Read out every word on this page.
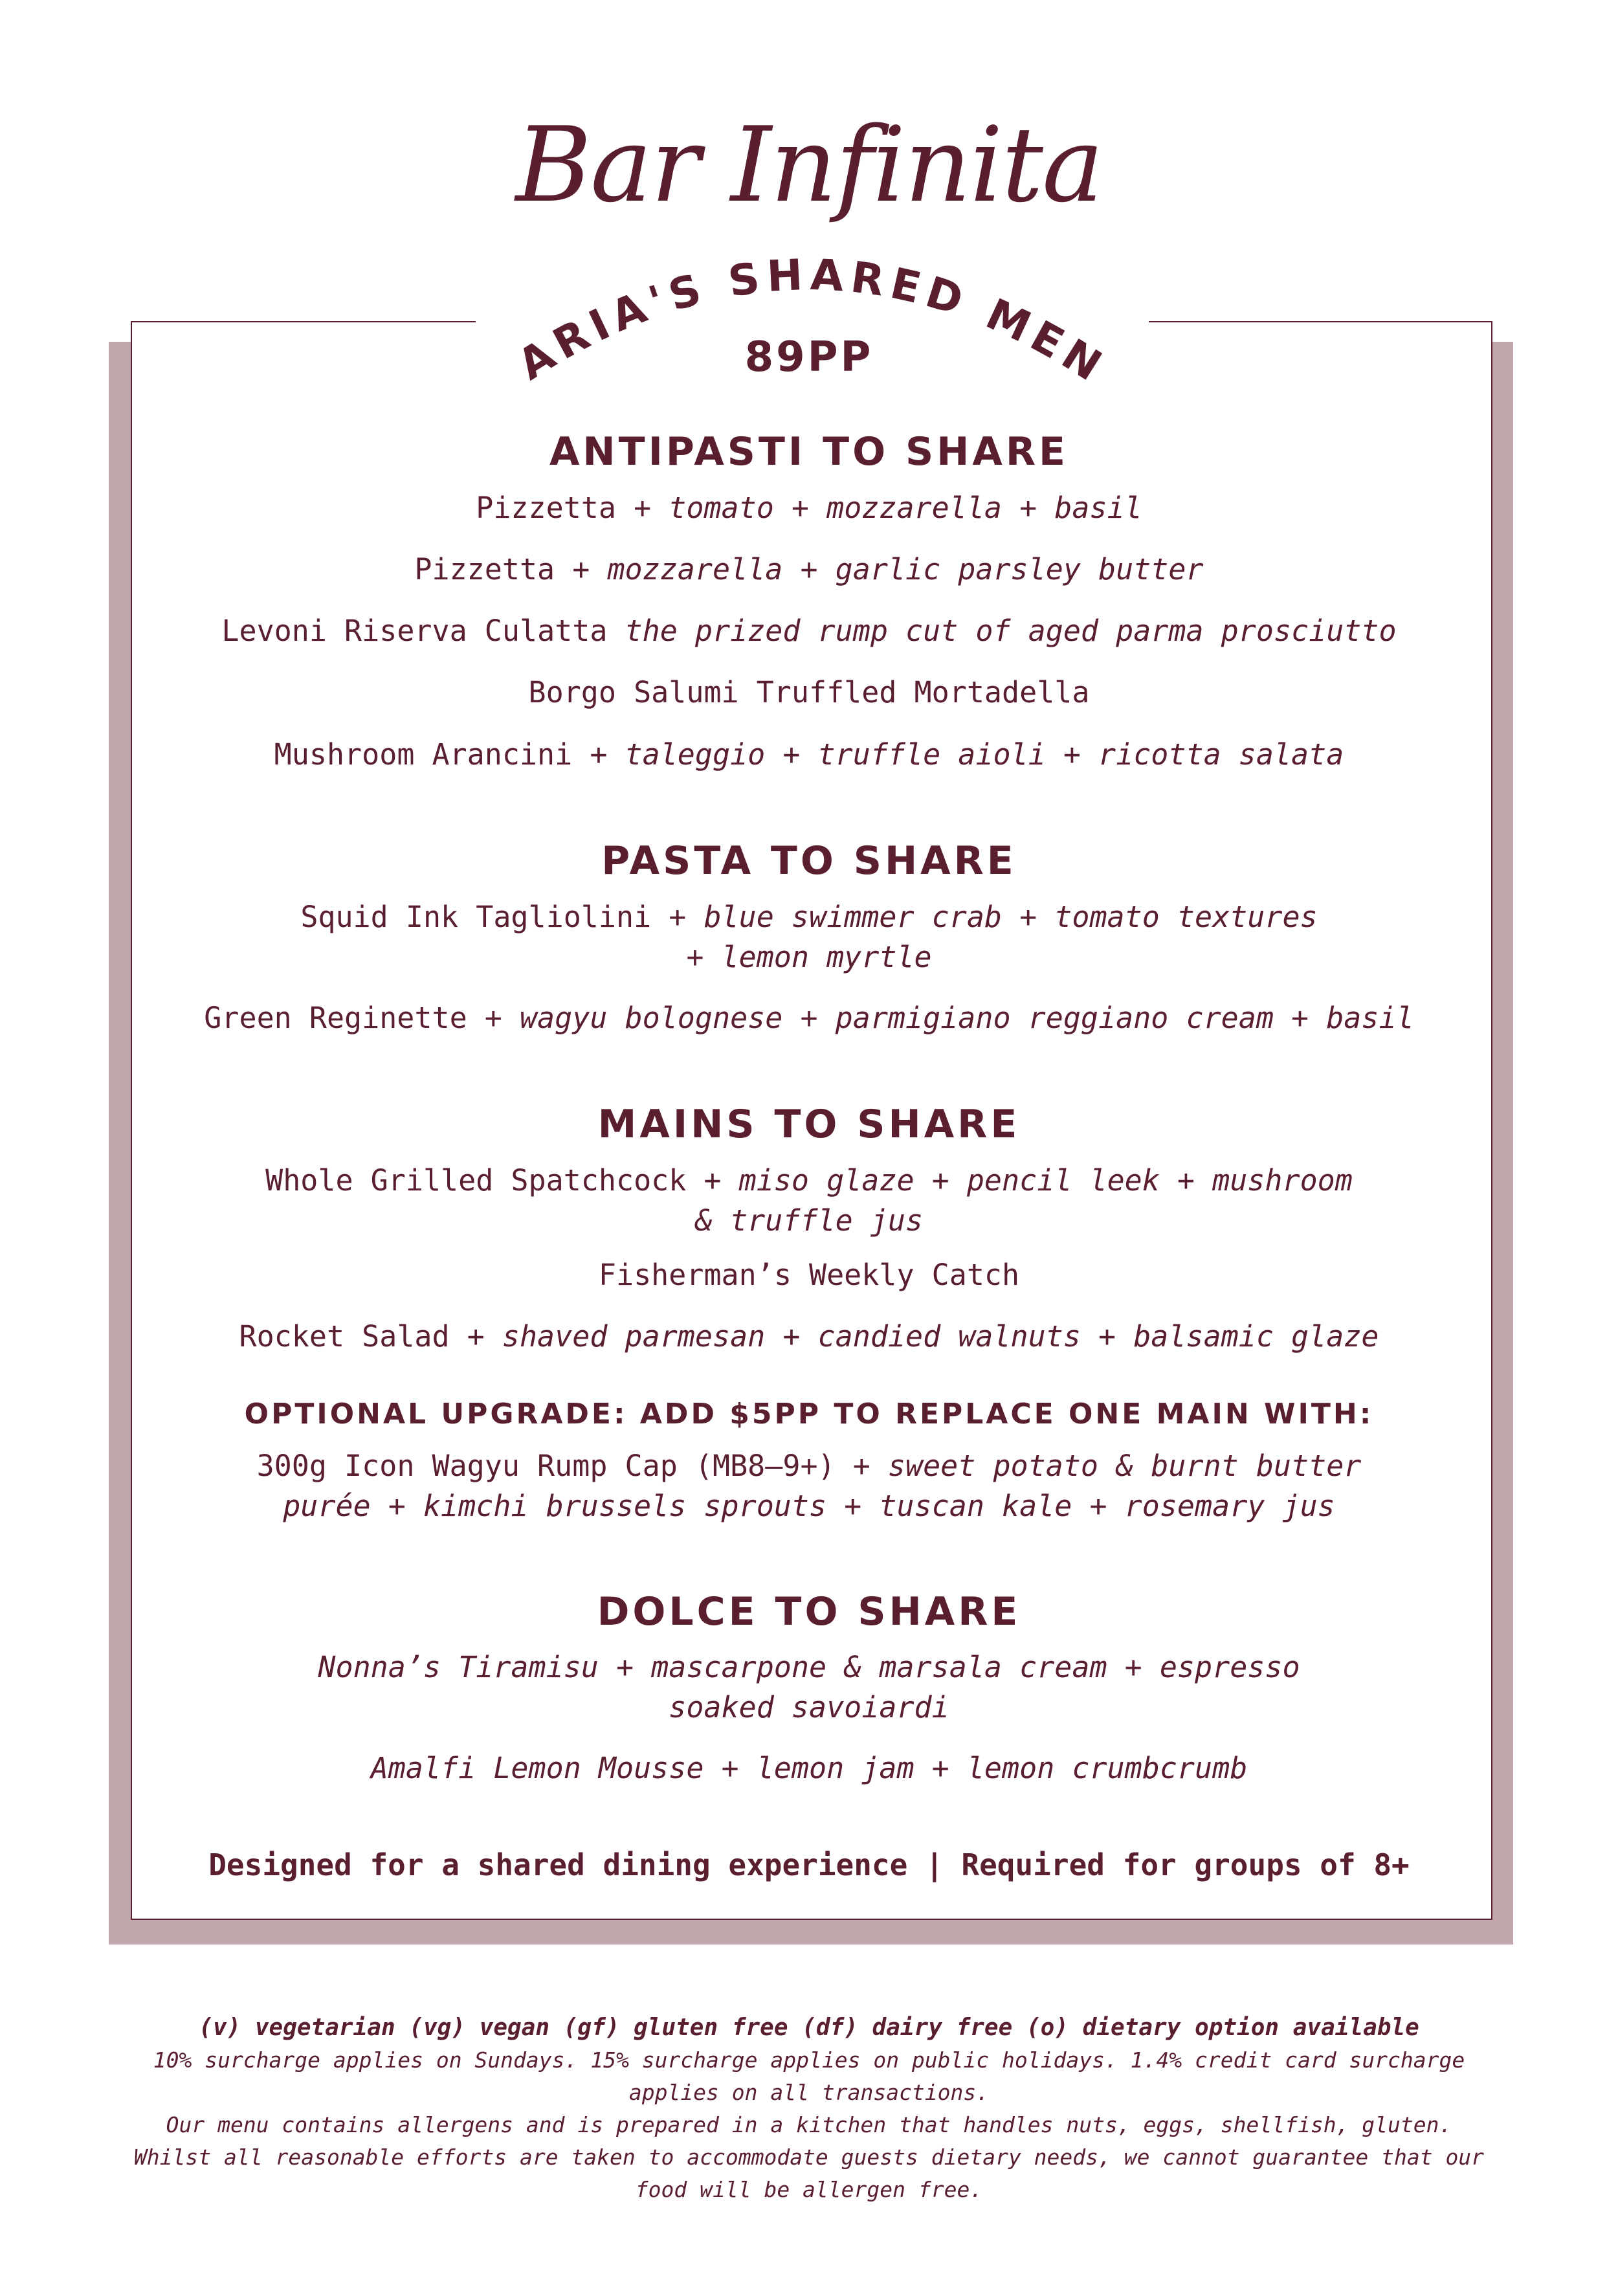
Bar Infinita
MARIA'S SHARED MENU
89PP
ANTIPASTI TO SHARE
Pizzetta + tomato + mozzarella + basil
Pizzetta + mozzarella + garlic parsley butter
Levoni Riserva Culatta the prized rump cut of aged parma prosciutto
Borgo Salumi Truffled Mortadella
Mushroom Arancini + taleggio + truffle aioli + ricotta salata
PASTA TO SHARE
Squid Ink Tagliolini + blue swimmer crab + tomato textures + lemon myrtle
Green Reginette + wagyu bolognese + parmigiano reggiano cream + basil
MAINS TO SHARE
Whole Grilled Spatchcock + miso glaze + pencil leek + mushroom & truffle jus
Fisherman’s Weekly Catch
Rocket Salad + shaved parmesan + candied walnuts + balsamic glaze
OPTIONAL UPGRADE: ADD $5PP TO REPLACE ONE MAIN WITH:
300g Icon Wagyu Rump Cap (MB8–9+) + sweet potato & burnt butter purée + kimchi brussels sprouts + tuscan kale + rosemary jus
DOLCE TO SHARE
Nonna’s Tiramisu + mascarpone & marsala cream + espresso soaked savoiardi
Amalfi Lemon Mousse + lemon jam + lemon crumbcrumb
Designed for a shared dining experience | Required for groups of 8+
(v) vegetarian (vg) vegan (gf) gluten free (df) dairy free (o) dietary option available
10% surcharge applies on Sundays. 15% surcharge applies on public holidays. 1.4% credit card surcharge applies on all transactions.
Our menu contains allergens and is prepared in a kitchen that handles nuts, eggs, shellfish, gluten. Whilst all reasonable efforts are taken to accommodate guests dietary needs, we cannot guarantee that our food will be allergen free.
